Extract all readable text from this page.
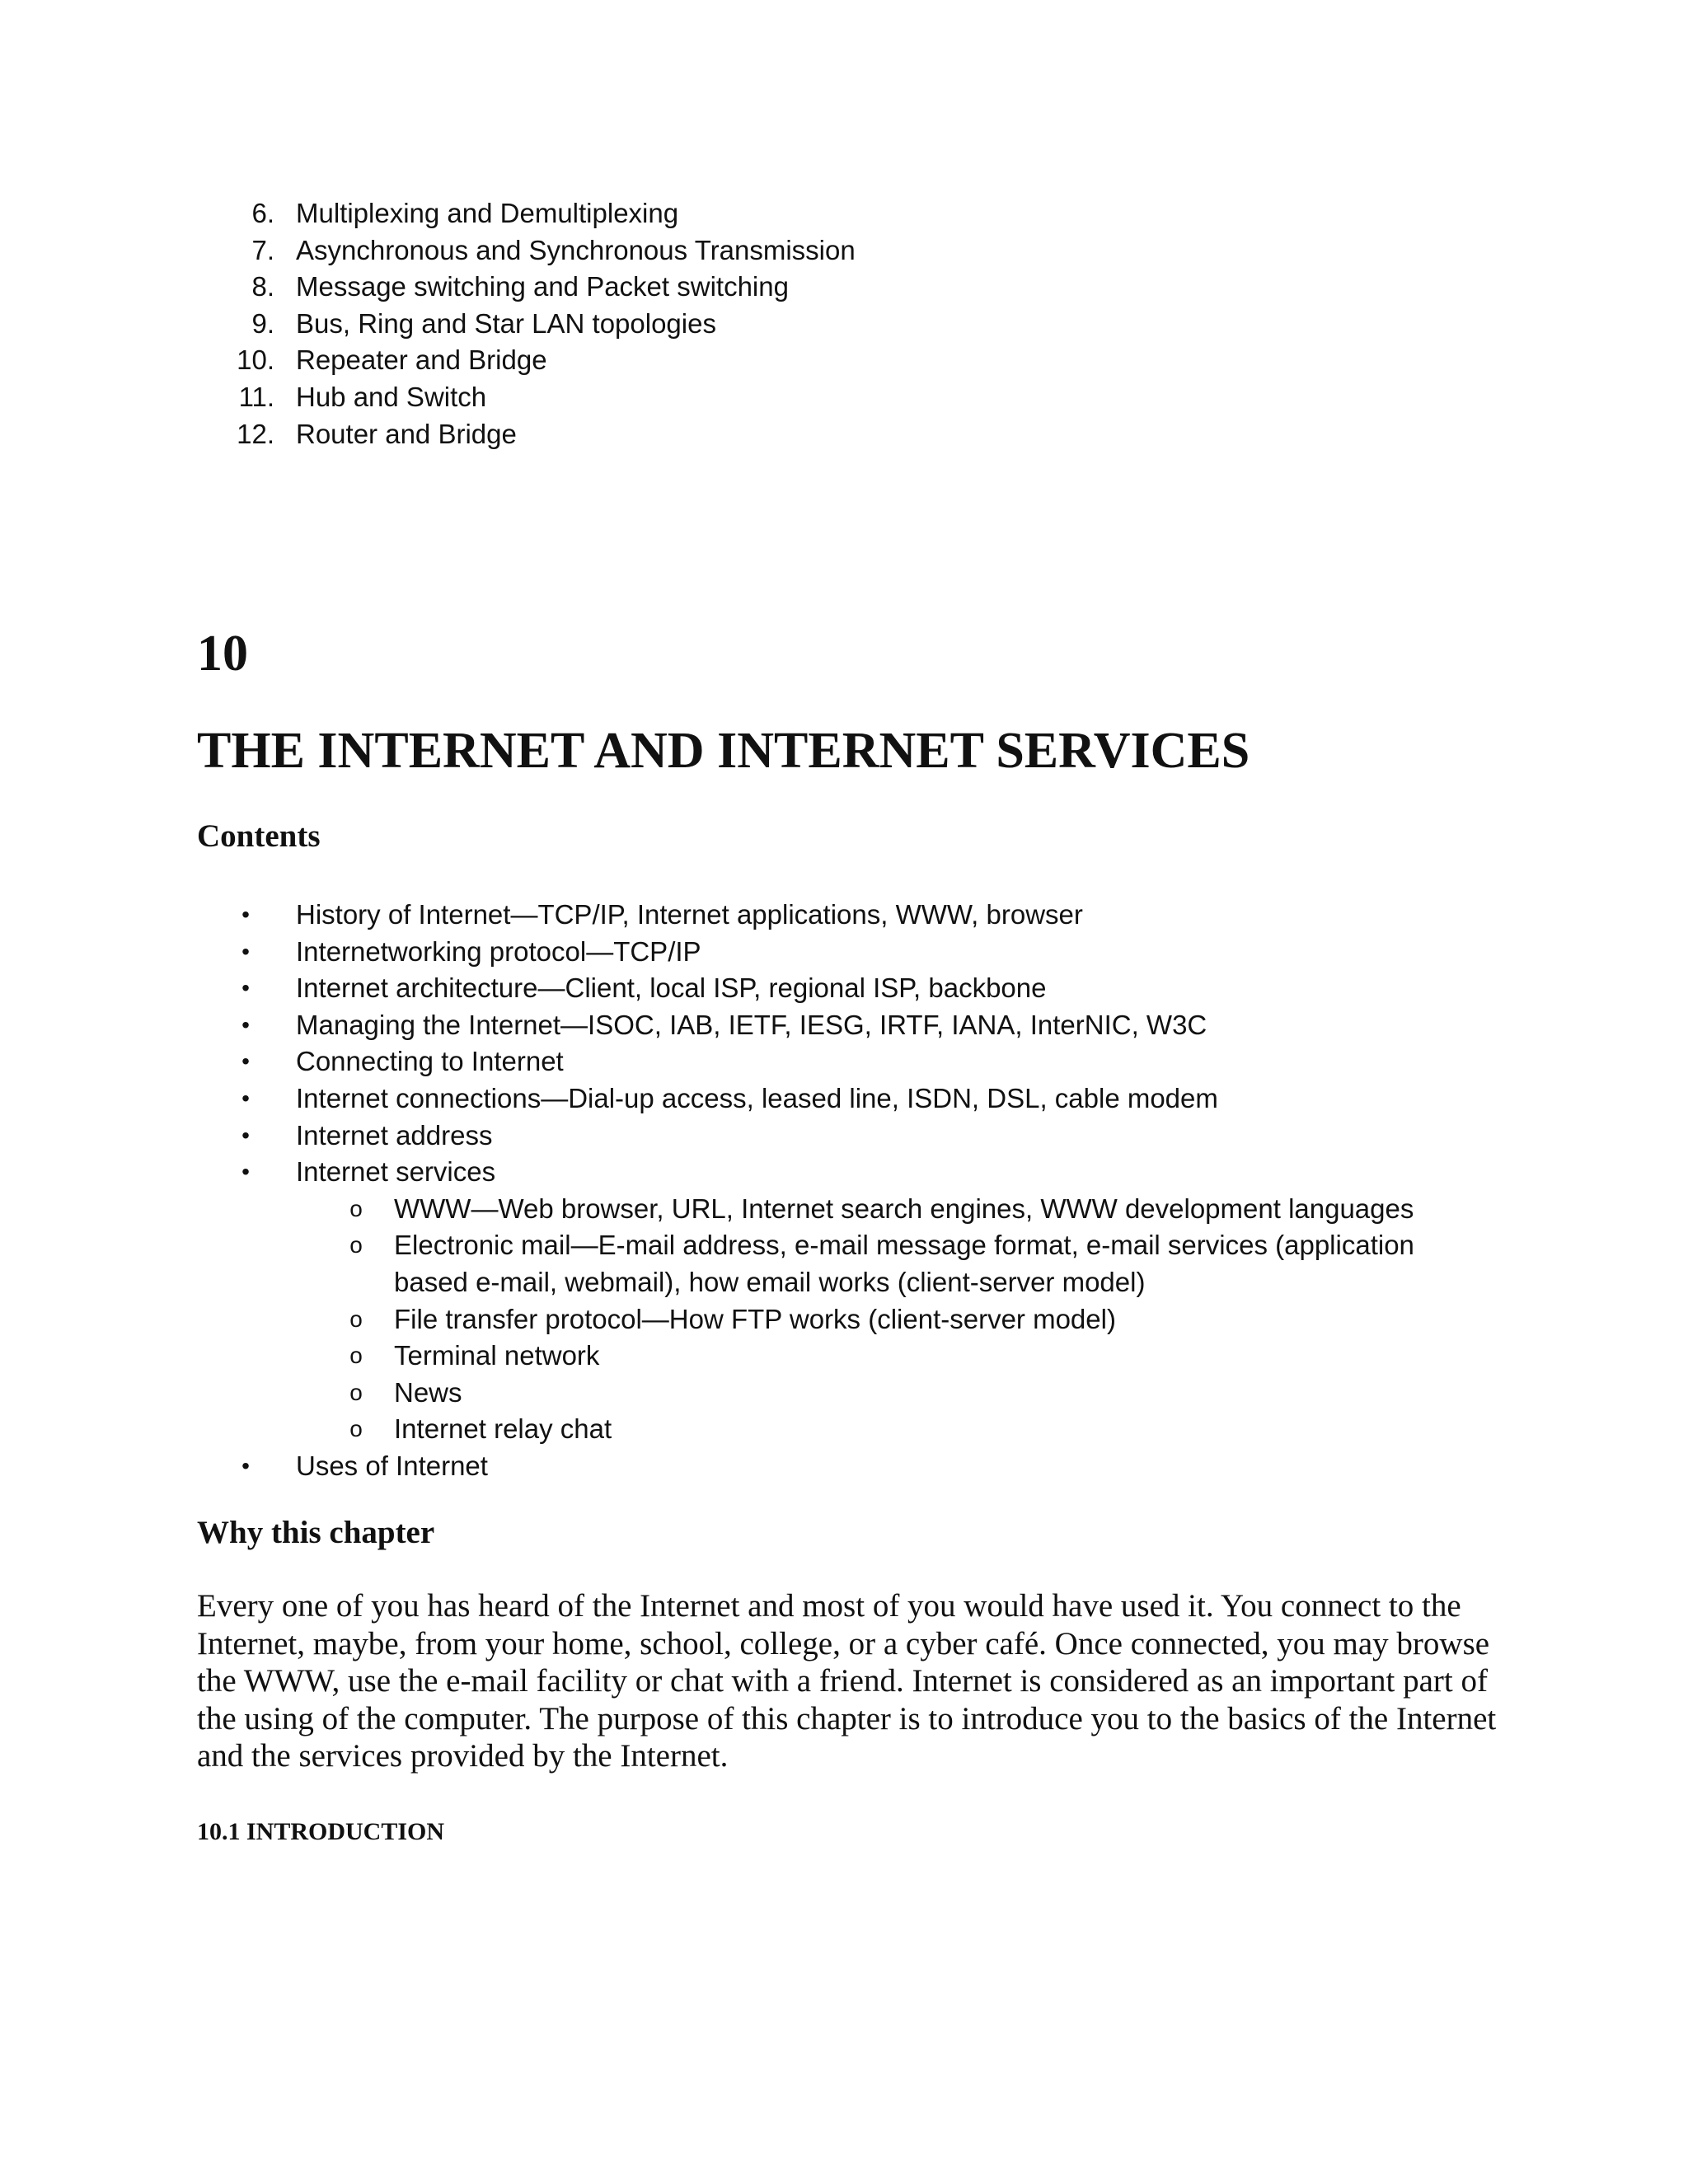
6. Multiplexing and Demultiplexing
7. Asynchronous and Synchronous Transmission
8. Message switching and Packet switching
9. Bus, Ring and Star LAN topologies
10. Repeater and Bridge
11. Hub and Switch
12. Router and Bridge
10
THE INTERNET AND INTERNET SERVICES
Contents
•	History of Internet—TCP/IP, Internet applications, WWW, browser
•	Internetworking protocol—TCP/IP
•	Internet architecture—Client, local ISP, regional ISP, backbone
•	Managing the Internet—ISOC, IAB, IETF, IESG, IRTF, IANA, InterNIC, W3C
•	Connecting to Internet
•	Internet connections—Dial-up access, leased line, ISDN, DSL, cable modem
•	Internet address
•	Internet services
o WWW—Web browser, URL, Internet search engines, WWW development languages
o Electronic mail—E-mail address, e-mail message format, e-mail services (application
based e-mail, webmail), how email works (client-server model)
o File transfer protocol—How FTP works (client-server model)
o Terminal network
o News
o Internet relay chat
•	Uses of Internet
Why this chapter

Every one of you has heard of the Internet and most of you would have used it. You connect to the Internet, maybe, from your home, school, college, or a cyber café. Once connected, you may browse the WWW, use the e-mail facility or chat with a friend. Internet is considered as an important part of the using of the computer. The purpose of this chapter is to introduce you to the basics of the Internet and the services provided by the Internet.

10.1 INTRODUCTION
